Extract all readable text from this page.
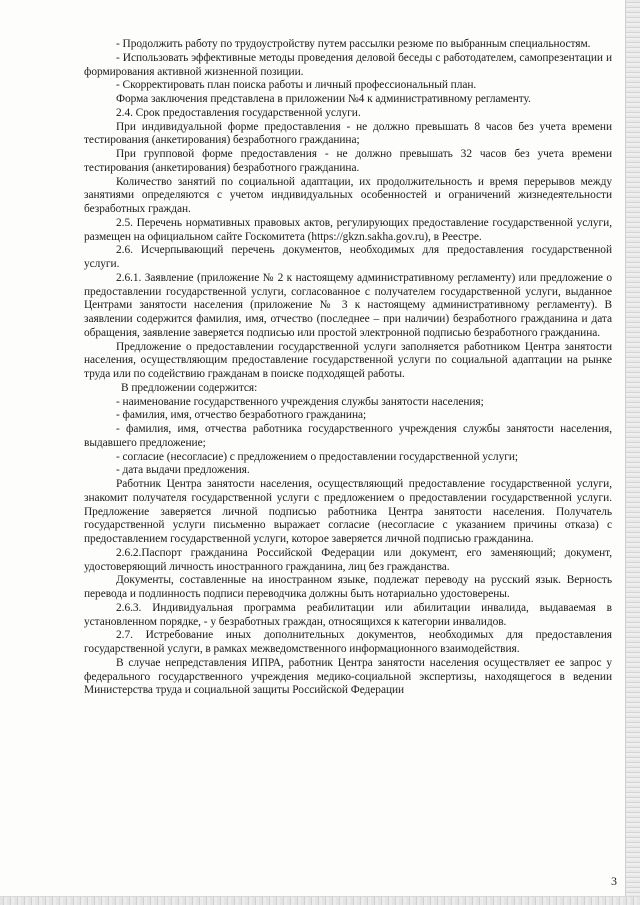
- Продолжить работу по трудоустройству путем рассылки резюме по выбранным специальностям.

- Использовать эффективные методы проведения деловой беседы с работодателем, самопрезентации и формирования активной жизненной позиции.

- Скорректировать план поиска работы и личный профессиональный план.

Форма заключения представлена в приложении №4 к административному регламенту.

2.4. Срок предоставления государственной услуги.

При индивидуальной форме предоставления - не должно превышать 8 часов без учета времени тестирования (анкетирования) безработного гражданина;

При групповой форме предоставления - не должно превышать 32 часов без учета времени тестирования (анкетирования) безработного гражданина.

Количество занятий по социальной адаптации, их продолжительность и время перерывов между занятиями определяются с учетом индивидуальных особенностей и ограничений жизнедеятельности безработных граждан.

2.5. Перечень нормативных правовых актов, регулирующих предоставление государственной услуги, размещен на официальном сайте Госкомитета (https://gkzn.sakha.gov.ru), в Реестре.

2.6. Исчерпывающий перечень документов, необходимых для предоставления государственной услуги.

2.6.1. Заявление (приложение № 2 к настоящему административному регламенту) или предложение о предоставлении государственной услуги, согласованное с получателем государственной услуги, выданное Центрами занятости населения (приложение № 3 к настоящему административному регламенту). В заявлении содержится фамилия, имя, отчество (последнее – при наличии) безработного гражданина и дата обращения, заявление заверяется подписью или простой электронной подписью безработного гражданина.

Предложение о предоставлении государственной услуги заполняется работником Центра занятости населения, осуществляющим предоставление государственной услуги по социальной адаптации на рынке труда или по содействию гражданам в поиске подходящей работы.

В предложении содержится:

- наименование государственного учреждения службы занятости населения;

- фамилия, имя, отчество безработного гражданина;

- фамилия, имя, отчества работника государственного учреждения службы занятости населения, выдавшего предложение;

- согласие (несогласие) с предложением о предоставлении государственной услуги;

- дата выдачи предложения.

Работник Центра занятости населения, осуществляющий предоставление государственной услуги, знакомит получателя государственной услуги с предложением о предоставлении государственной услуги. Предложение заверяется личной подписью работника Центра занятости населения. Получатель государственной услуги письменно выражает согласие (несогласие с указанием причины отказа) с предоставлением государственной услуги, которое заверяется личной подписью гражданина.

2.6.2.Паспорт гражданина Российской Федерации или документ, его заменяющий; документ, удостоверяющий личность иностранного гражданина, лиц без гражданства.

Документы, составленные на иностранном языке, подлежат переводу на русский язык. Верность перевода и подлинность подписи переводчика должны быть нотариально удостоверены.

2.6.3. Индивидуальная программа реабилитации или абилитации инвалида, выдаваемая в установленном порядке, - у безработных граждан, относящихся к категории инвалидов.

2.7. Истребование иных дополнительных документов, необходимых для предоставления государственной услуги, в рамках межведомственного информационного взаимодействия.

В случае непредставления ИПРА, работник Центра занятости населения осуществляет ее запрос у федерального государственного учреждения медико-социальной экспертизы, находящегося в ведении Министерства труда и социальной защиты Российской Федерации

3
